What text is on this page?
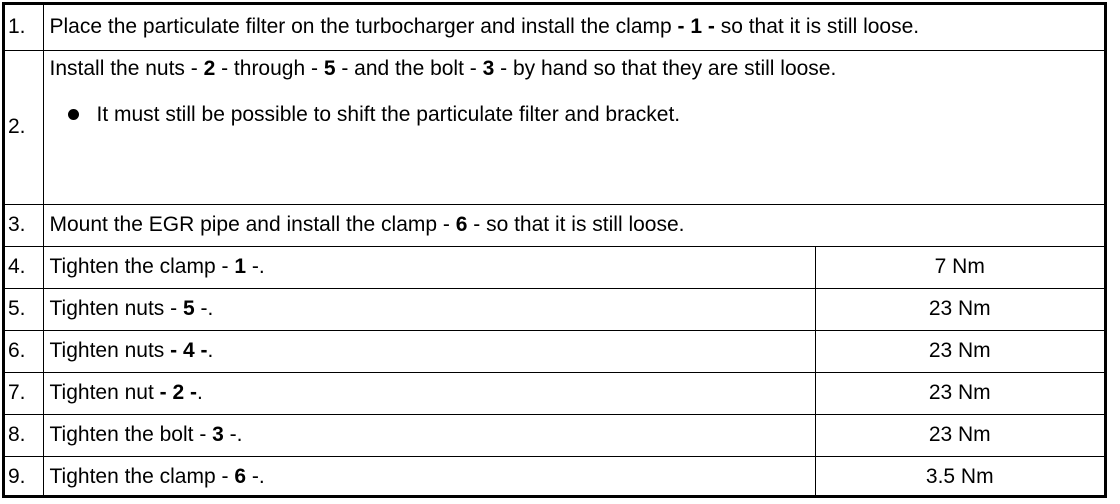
1.	Place the particulate filter on the turbocharger and install the clamp - 1 - so that it is still loose.	
2.	Install the nuts - 2 - through - 5 - and the bolt - 3 - by hand so that they are still loose.
It must still be possible to shift the particulate filter and bracket.	

3.	Mount the EGR pipe and install the clamp - 6 - so that it is still loose.	
4.	Tighten the clamp - 1 -.	7 Nm
5.	Tighten nuts - 5 -.	23 Nm
6.	Tighten nuts - 4 -.	23 Nm
7.	Tighten nut - 2 -.	23 Nm
8.	Tighten the bolt - 3 -.	23 Nm
9.	Tighten the clamp - 6 -.	3.5 Nm
